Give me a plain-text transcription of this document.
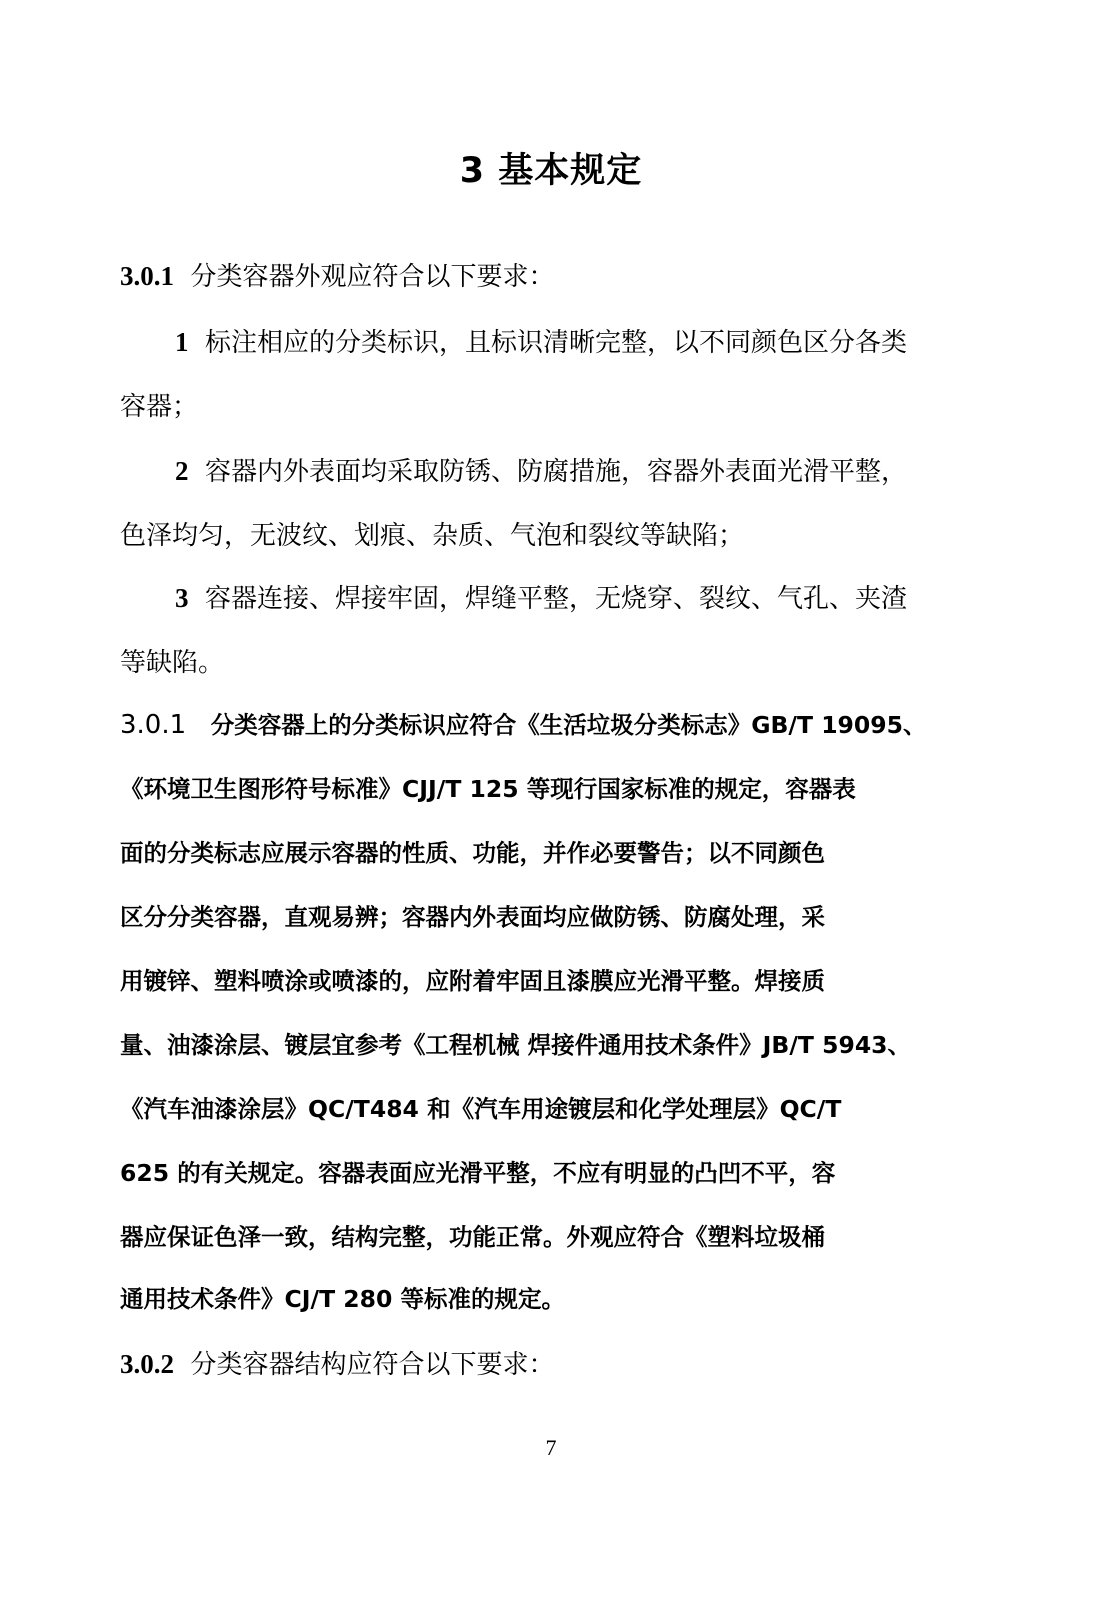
3 基本规定
3.0.1 分类容器外观应符合以下要求：
1 标注相应的分类标识，且标识清晰完整，以不同颜色区分各类
容器；
2 容器内外表面均采取防锈、防腐措施，容器外表面光滑平整，
色泽均匀，无波纹、划痕、杂质、气泡和裂纹等缺陷；
3 容器连接、焊接牢固，焊缝平整，无烧穿、裂纹、气孔、夹渣
等缺陷。
3.0.1 分类容器上的分类标识应符合《生活垃圾分类标志》GB/T 19095、
《环境卫生图形符号标准》CJJ/T 125 等现行国家标准的规定，容器表
面的分类标志应展示容器的性质、功能，并作必要警告；以不同颜色
区分分类容器，直观易辨；容器内外表面均应做防锈、防腐处理，采
用镀锌、塑料喷涂或喷漆的，应附着牢固且漆膜应光滑平整。焊接质
量、油漆涂层、镀层宜参考《工程机械 焊接件通用技术条件》JB/T 5943、
《汽车油漆涂层》QC/T484 和《汽车用途镀层和化学处理层》QC/T
625 的有关规定。容器表面应光滑平整，不应有明显的凸凹不平，容
器应保证色泽一致，结构完整，功能正常。外观应符合《塑料垃圾桶
通用技术条件》CJ/T 280 等标准的规定。
3.0.2 分类容器结构应符合以下要求：
7
